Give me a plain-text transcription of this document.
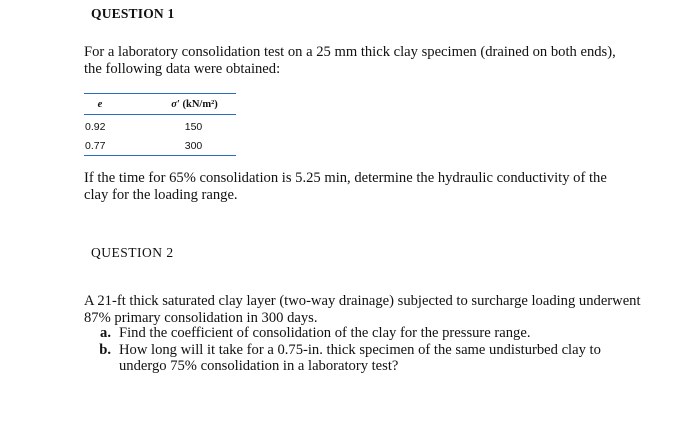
QUESTION 1
For a laboratory consolidation test on a 25 mm thick clay specimen (drained on both ends), the following data were obtained:
e	σ′ (kN/m²)
0.92	150
0.77	300
If the time for 65% consolidation is 5.25 min, determine the hydraulic conductivity of the clay for the loading range.
QUESTION 2
A 21-ft thick saturated clay layer (two-way drainage) subjected to surcharge loading underwent 87% primary consolidation in 300 days.
a. Find the coefficient of consolidation of the clay for the pressure range.
b. How long will it take for a 0.75-in. thick specimen of the same undisturbed clay to undergo 75% consolidation in a laboratory test?
